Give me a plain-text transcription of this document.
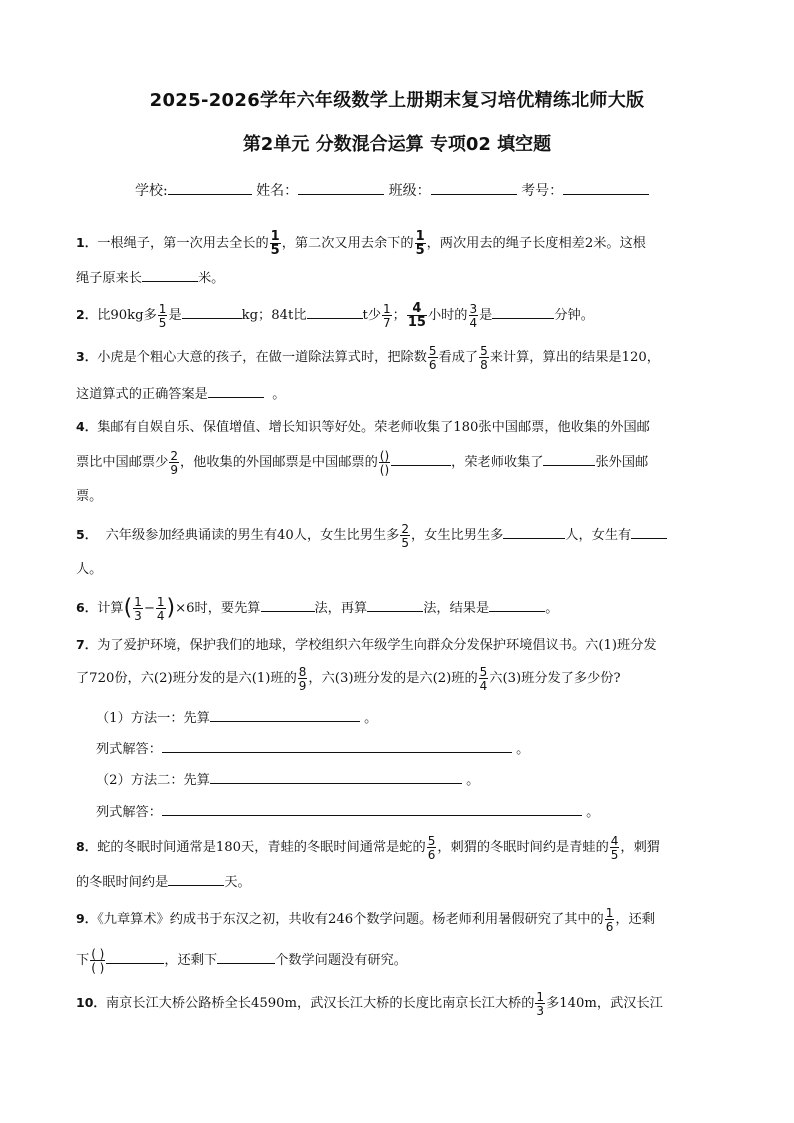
2025-2026学年六年级数学上册期末复习培优精练北师大版
第2单元 分数混合运算 专项02 填空题
学校:	姓名：	班级：	考号：
1．一根绳子，第一次用去全长的 $\frac{1}{5}$ ，第二次又用去余下的 $\frac{1}{5}$ ，两次用去的绳子长度相差2米。这根
绳子原来长	米。
2．比90kg多 $\frac{1}{5}$ 是	kg；84t比	t少 $\frac{1}{7}$ ； $\frac{4}{15}$ 小时的 $\frac{3}{4}$ 是	分钟。
3．小虎是个粗心大意的孩子，在做一道除法算式时，把除数 $\frac{5}{6}$ 看成了 $\frac{5}{8}$ 来计算，算出的结果是120，
这道算式的正确答案是	。
4．集邮有自娱自乐、保值增值、增长知识等好处。荣老师收集了180张中国邮票，他收集的外国邮
票比中国邮票少 $\frac{2}{9}$ ，他收集的外国邮票是中国邮票的 $\frac{()}{()}$	，荣老师收集了	张外国邮
票。
5． 六年级参加经典诵读的男生有40人，女生比男生多 $\frac{2}{5}$ ，女生比男生多	人，女生有
人。
6．计算( $\frac{1}{3} - \frac{1}{4} )\times 6$时，要先算	法，再算	法，结果是	。
7．为了爱护环境，保护我们的地球，学校组织六年级学生向群众分发保护环境倡议书。六(1)班分发
了720份，六(2)班分发的是六(1)班的 $\frac{8}{9}$ ，六(3)班分发的是六(2)班的 $\frac{5}{4}$ 六(3)班分发了多少份?
（1）方法一：先算	。
列式解答：	。
（2）方法二：先算	。
列式解答：	。
8．蛇的冬眠时间通常是180天，青蛙的冬眠时间通常是蛇的 $\frac{5}{6}$ ，刺猬的冬眠时间约是青蛙的 $\frac{4}{5}$ ，刺猬
的冬眠时间约是	天。
9．《九章算术》约成书于东汉之初，共收有246个数学问题。杨老师利用暑假研究了其中的 $\frac{1}{6}$ ，还剩
下 $\frac{( )}{( )}$	，还剩下	个数学问题没有研究。
10．南京长江大桥公路桥全长4590m，武汉长江大桥的长度比南京长江大桥的 $\frac{1}{3}$ 多140m，武汉长江
